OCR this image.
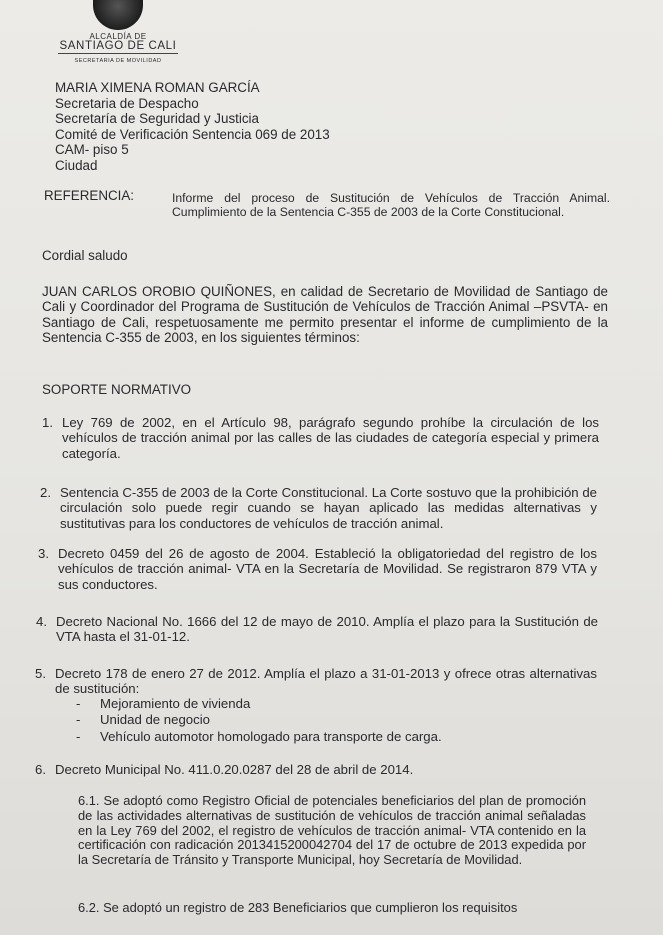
ALCALDÍA DE
SANTIAGO DE CALI
SECRETARIA DE MOVILIDAD
MARIA XIMENA ROMAN GARCÍA
Secretaria de Despacho
Secretaría de Seguridad y Justicia
Comité de Verificación Sentencia 069 de 2013
CAM- piso 5
Ciudad
REFERENCIA:	Informe del proceso de Sustitución de Vehículos de Tracción Animal. Cumplimiento de la Sentencia C-355 de 2003 de la Corte Constitucional.
Cordial saludo
JUAN CARLOS OROBIO QUIÑONES, en calidad de Secretario de Movilidad de Santiago de Cali y Coordinador del Programa de Sustitución de Vehículos de Tracción Animal –PSVTA- en Santiago de Cali, respetuosamente me permito presentar el informe de cumplimiento de la Sentencia C-355 de 2003, en los siguientes términos:
SOPORTE NORMATIVO
1. Ley 769 de 2002, en el Artículo 98, parágrafo segundo prohíbe la circulación de los vehículos de tracción animal por las calles de las ciudades de categoría especial y primera categoría.
2. Sentencia C-355 de 2003 de la Corte Constitucional. La Corte sostuvo que la prohibición de circulación solo puede regir cuando se hayan aplicado las medidas alternativas y sustitutivas para los conductores de vehículos de tracción animal.
3. Decreto 0459 del 26 de agosto de 2004. Estableció la obligatoriedad del registro de los vehículos de tracción animal- VTA en la Secretaría de Movilidad. Se registraron 879 VTA y sus conductores.
4. Decreto Nacional No. 1666 del 12 de mayo de 2010. Amplía el plazo para la Sustitución de VTA hasta el 31-01-12.
5. Decreto 178 de enero 27 de 2012. Amplía el plazo a 31-01-2013 y ofrece otras alternativas de sustitución:
- Mejoramiento de vivienda
- Unidad de negocio
- Vehículo automotor homologado para transporte de carga.
6. Decreto Municipal No. 411.0.20.0287 del 28 de abril de 2014.
6.1. Se adoptó como Registro Oficial de potenciales beneficiarios del plan de promoción de las actividades alternativas de sustitución de vehículos de tracción animal señaladas en la Ley 769 del 2002, el registro de vehículos de tracción animal- VTA contenido en la certificación con radicación 2013415200042704 del 17 de octubre de 2013 expedida por la Secretaría de Tránsito y Transporte Municipal, hoy Secretaría de Movilidad.
6.2. Se adoptó un registro de 283 Beneficiarios que cumplieron los requisitos
